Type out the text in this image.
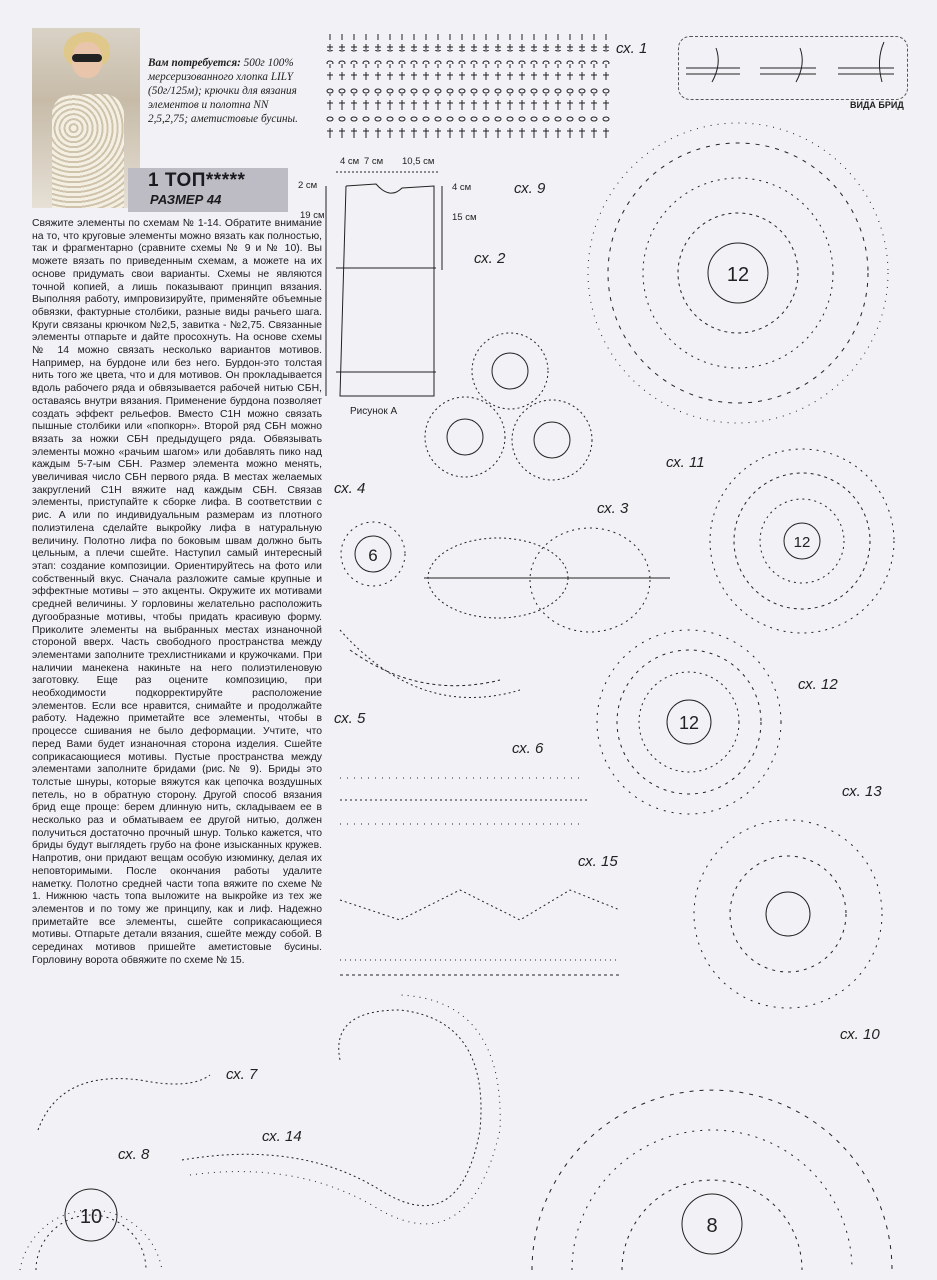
Вам потребуется: 500г 100% мерсеризованного хлопка LILY (50г/125м); крючки для вязания элементов и полотна NN 2,5,2,75; аметистовые бусины.
1 ТОП*****
РАЗМЕР 44
Свяжите элементы по схемам № 1-14. Обратите внимание на то, что круговые элементы можно вязать как полностью, так и фрагментарно (сравните схемы № 9 и № 10). Вы можете вязать по приведенным схемам, а можете на их основе придумать свои варианты. Схемы не являются точной копией, а лишь показывают принцип вязания. Выполняя работу, импровизируйте, применяйте объемные обвязки, фактурные столбики, разные виды рачьего шага. Круги связаны крючком №2,5, завитка - №2,75. Связанные элементы отпарьте и дайте просохнуть. На основе схемы № 14 можно связать несколько вариантов мотивов. Например, на бурдоне или без него. Бурдон-это толстая нить того же цвета, что и для мотивов. Он прокладывается вдоль рабочего ряда и обвязывается рабочей нитью СБН, оставаясь внутри вязания. Применение бурдона позволяет создать эффект рельефов. Вместо С1Н можно связать пышные столбики или «попкорн». Второй ряд СБН можно вязать за ножки СБН предыдущего ряда. Обвязывать элементы можно «рачьим шагом» или добавлять пико над каждым 5-7-ым СБН. Размер элемента можно менять, увеличивая число СБН первого ряда. В местах желаемых закруглений С1Н вяжите над каждым СБН. Связав элементы, приступайте к сборке лифа. В соответствии с рис. А или по индивидуальным размерам из плотного полиэтилена сделайте выкройку лифа в натуральную величину. Полотно лифа по боковым швам должно быть цельным, а плечи сшейте. Наступил самый интересный этап: создание композиции. Ориентируйтесь на фото или собственный вкус. Сначала разложите самые крупные и эффектные мотивы – это акценты. Окружите их мотивами средней величины. У горловины желательно расположить дугообразные мотивы, чтобы придать красивую форму. Приколите элементы на выбранных местах изнаночной стороной вверх. Часть свободного пространства между элементами заполните трехлистниками и кружочками. При наличии манекена накиньте на него полиэтиленовую заготовку. Еще раз оцените композицию, при необходимости подкорректируйте расположение элементов. Если все нравится, снимайте и продолжайте работу. Надежно приметайте все элементы, чтобы в процессе сшивания не было деформации. Учтите, что перед Вами будет изнаночная сторона изделия. Сшейте соприкасающиеся мотивы. Пустые пространства между элементами заполните бридами (рис.№ 9). Бриды это толстые шнуры, которые вяжутся как цепочка воздушных петель, но в обратную сторону. Другой способ вязания брид еще проще: берем длинную нить, складываем ее в несколько раз и обматываем ее другой нитью, должен получиться достаточно прочный шнур. Только кажется, что бриды будут выглядеть грубо на фоне изысканных кружев. Напротив, они придают вещам особую изюминку, делая их неповторимыми. После окончания работы удалите наметку. Полотно средней части топа вяжите по схеме № 1. Нижнюю часть топа выложите на выкройке из тех же элементов и по тому же принципу, как и лиф. Надежно приметайте все элементы, сшейте соприкасающиеся мотивы. Отпарьте детали вязания, сшейте между собой. В серединах мотивов пришейте аметистовые бусины. Горловину ворота обвяжите по схеме № 15.
ВИДА БРИД
сх. 1
сх. 2
сх. 3
сх. 4
сх. 5
сх. 6
сх. 7
сх. 8
сх. 9
сх. 10
сх. 11
сх. 12
сх. 13
сх. 14
сх. 15
4 см 7 см 10,5 см
2 см
19 см
4 см
15 см
Рисунок А
12
12
12
8
6
10
